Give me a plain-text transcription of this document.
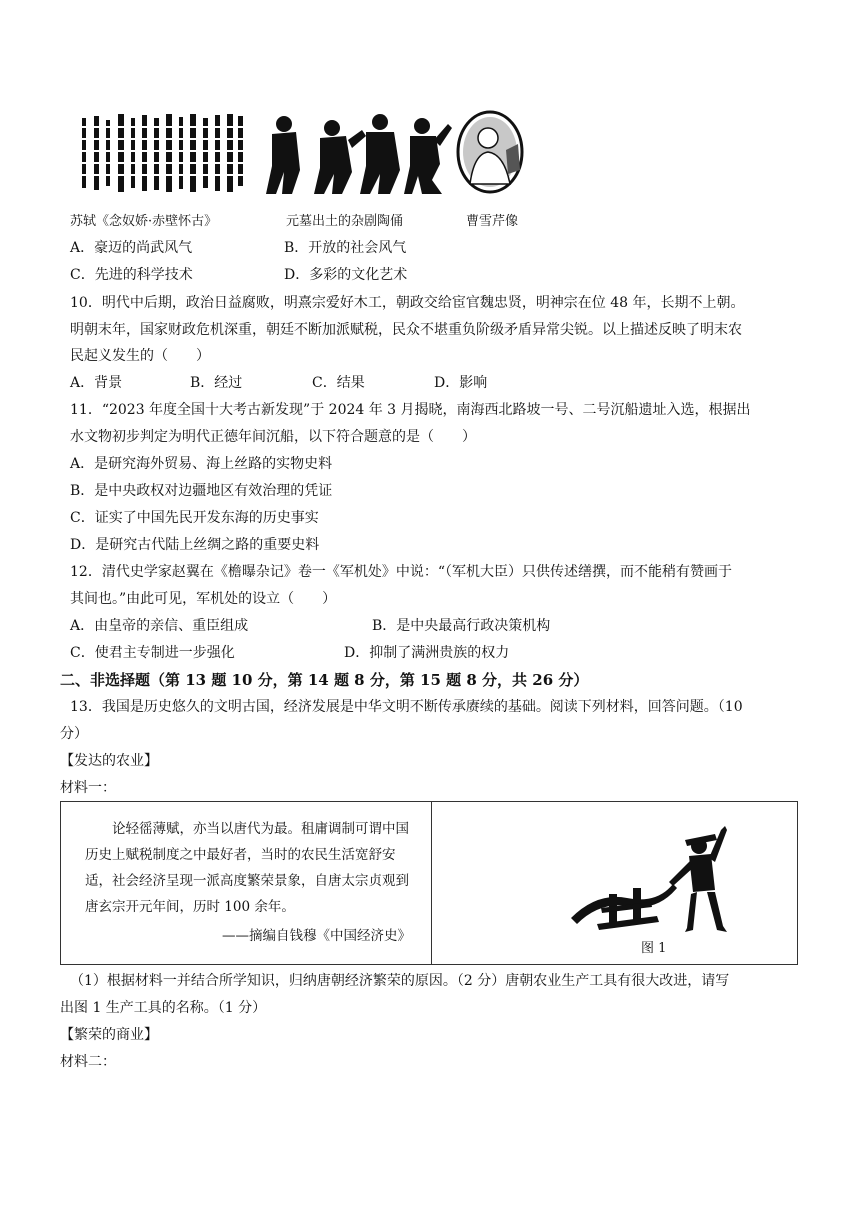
苏轼《念奴娇·赤壁怀古》	元墓出土的杂剧陶俑	曹雪芹像
A．豪迈的尚武风气	B．开放的社会风气
C．先进的科学技术	D．多彩的文化艺术
10．明代中后期，政治日益腐败，明熹宗爱好木工，朝政交给宦官魏忠贤，明神宗在位 48 年，长期不上朝。
明朝末年，国家财政危机深重，朝廷不断加派赋税，民众不堪重负阶级矛盾异常尖锐。以上描述反映了明末农
民起义发生的（　　）
A．背景	B．经过	C．结果	D．影响
11．“2023 年度全国十大考古新发现”于 2024 年 3 月揭晓，南海西北路坡一号、二号沉船遗址入选，根据出
水文物初步判定为明代正德年间沉船，以下符合题意的是（　　）
A．是研究海外贸易、海上丝路的实物史料
B．是中央政权对边疆地区有效治理的凭证
C．证实了中国先民开发东海的历史事实
D．是研究古代陆上丝绸之路的重要史料
12．清代史学家赵翼在《檐曝杂记》卷一《军机处》中说：“（军机大臣）只供传述缮撰，而不能稍有赞画于
其间也。”由此可见，军机处的设立（　　）
A．由皇帝的亲信、重臣组成	B．是中央最高行政决策机构
C．使君主专制进一步强化	D．抑制了满洲贵族的权力
二、非选择题（第 13 题 10 分，第 14 题 8 分，第 15 题 8 分，共 26 分）
13．我国是历史悠久的文明古国，经济发展是中华文明不断传承赓续的基础。阅读下列材料，回答问题。（10
分）
【发达的农业】
材料一：
论轻徭薄赋，亦当以唐代为最。租庸调制可谓中国历史上赋税制度之中最好者，当时的农民生活宽舒安适，社会经济呈现一派高度繁荣景象，自唐太宗贞观到唐玄宗开元年间，历时 100 余年。
——摘编自钱穆《中国经济史》
图 1
（1）根据材料一并结合所学知识，归纳唐朝经济繁荣的原因。（2 分）唐朝农业生产工具有很大改进，请写
出图 1 生产工具的名称。（1 分）
【繁荣的商业】
材料二：
